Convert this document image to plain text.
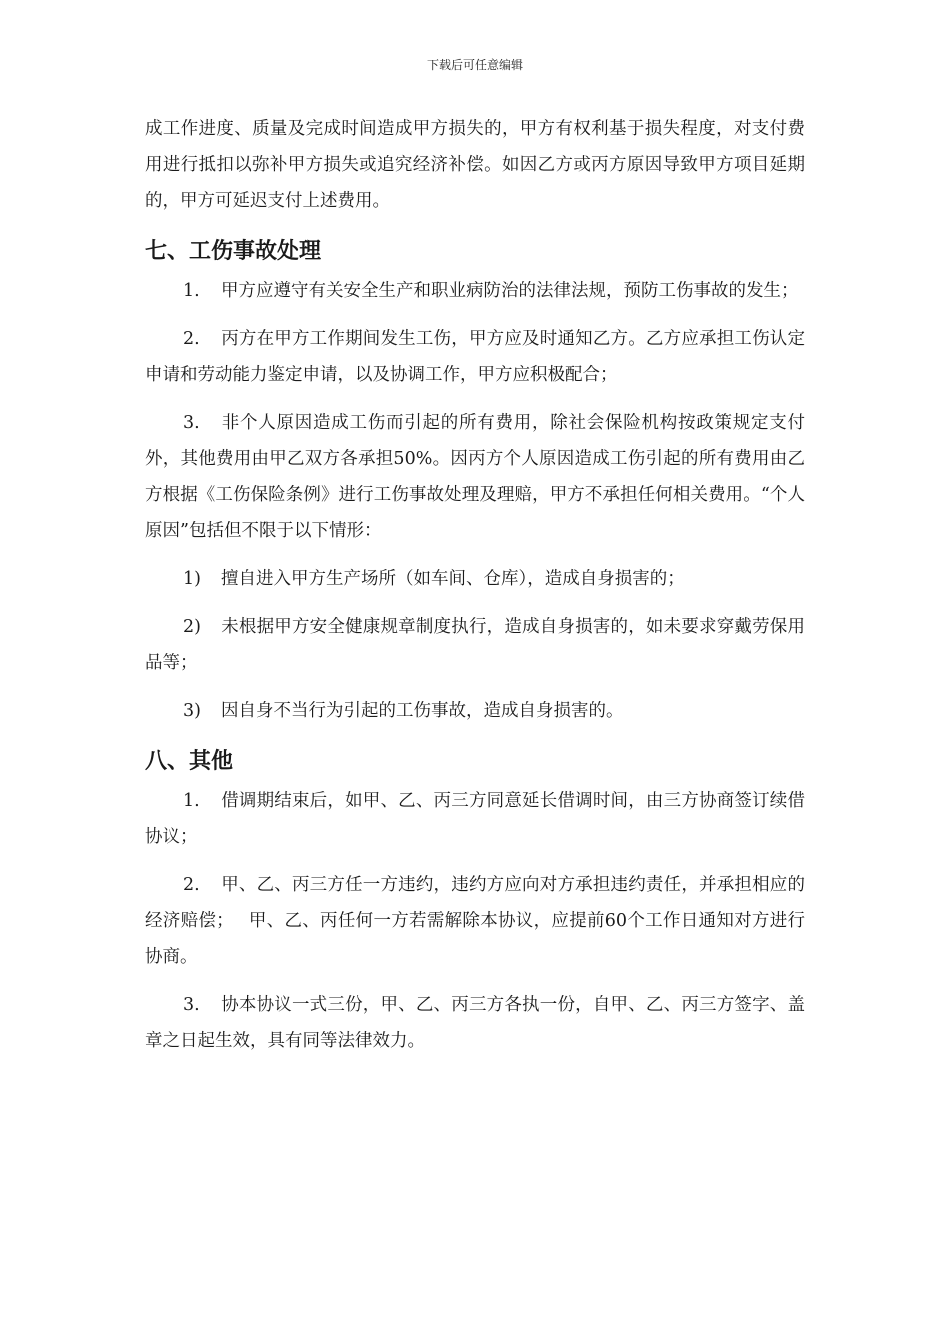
下载后可任意编辑

成工作进度、质量及完成时间造成甲方损失的，甲方有权利基于损失程度，对支付费用进行抵扣以弥补甲方损失或追究经济补偿。如因乙方或丙方原因导致甲方项目延期的，甲方可延迟支付上述费用。

七、工伤事故处理

1. 甲方应遵守有关安全生产和职业病防治的法律法规，预防工伤事故的发生；

2. 丙方在甲方工作期间发生工伤，甲方应及时通知乙方。乙方应承担工伤认定申请和劳动能力鉴定申请，以及协调工作，甲方应积极配合；

3. 非个人原因造成工伤而引起的所有费用，除社会保险机构按政策规定支付外，其他费用由甲乙双方各承担50%。因丙方个人原因造成工伤引起的所有费用由乙方根据《工伤保险条例》进行工伤事故处理及理赔，甲方不承担任何相关费用。“个人原因”包括但不限于以下情形：

1) 擅自进入甲方生产场所（如车间、仓库），造成自身损害的；

2) 未根据甲方安全健康规章制度执行，造成自身损害的，如未要求穿戴劳保用品等；

3) 因自身不当行为引起的工伤事故，造成自身损害的。

八、其他

1. 借调期结束后，如甲、乙、丙三方同意延长借调时间，由三方协商签订续借协议；

2. 甲、乙、丙三方任一方违约，违约方应向对方承担违约责任，并承担相应的经济赔偿；　 甲、乙、丙任何一方若需解除本协议，应提前60个工作日通知对方进行协商。

3. 协本协议一式三份，甲、乙、丙三方各执一份，自甲、乙、丙三方签字、盖章之日起生效，具有同等法律效力。
